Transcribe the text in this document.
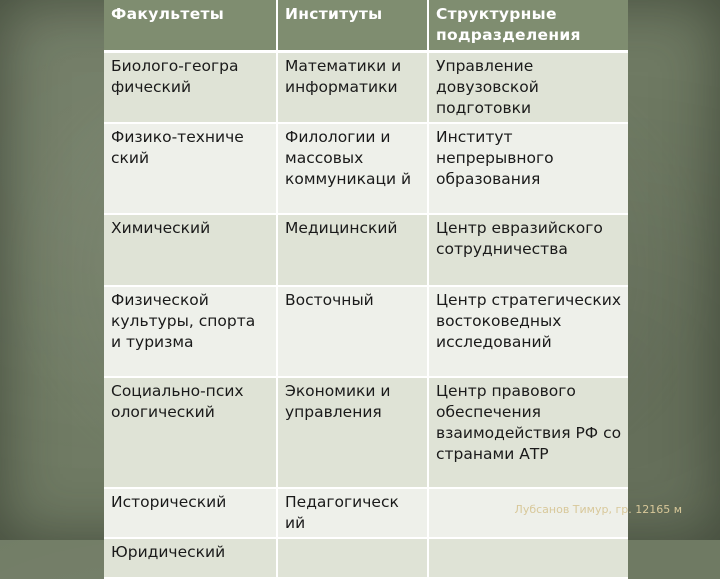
Факультеты	Институты	Структурные подразделения
Биолого-геогра фический	Математики и информатики	Управление довузовской подготовки
Физико-техниче ский	Филологии и массовых коммуникаци й	Институт непрерывного образования
Химический	Медицинский	Центр евразийского сотрудничества
Физической культуры, спорта и туризма	Восточный	Центр стратегических востоковедных исследований
Социально-псих ологический	Экономики и управления	Центр правового обеспечения взаимодействия РФ со странами АТР
Исторический	Педагогическ ий	
Юридический		
Лубсанов Тимур, гр. 12165 м
